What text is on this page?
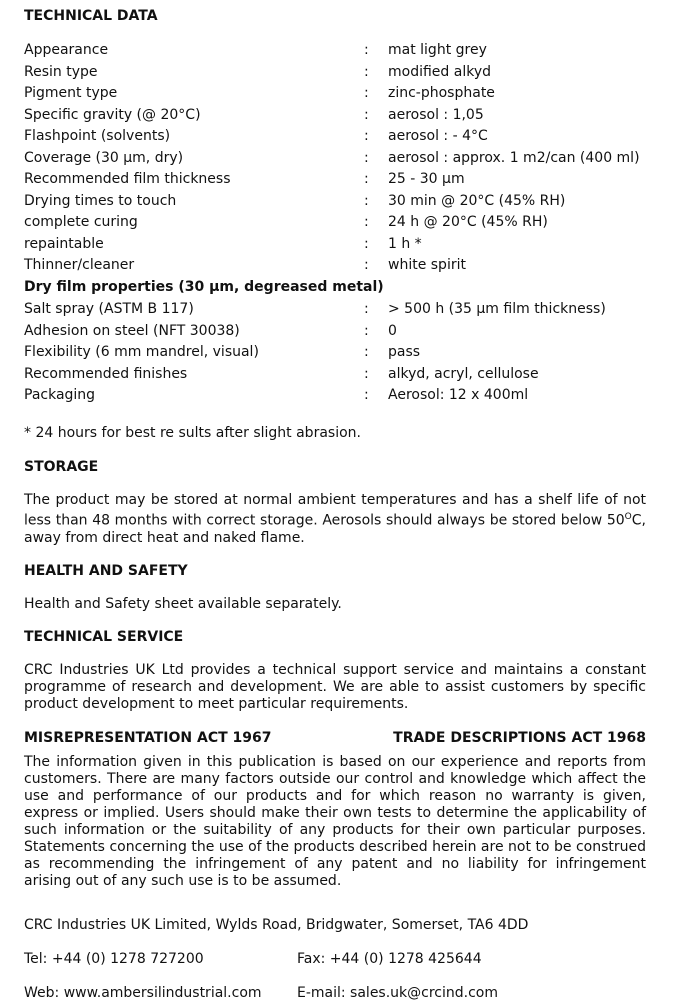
TECHNICAL DATA
Appearance	: mat light grey
Resin type	: modified alkyd
Pigment type	: zinc-phosphate
Specific gravity (@ 20°C)	: aerosol : 1,05
Flashpoint (solvents)	: aerosol : - 4°C
Coverage (30 µm, dry)	: aerosol : approx. 1 m2/can (400 ml)
Recommended film thickness	: 25 - 30 µm
Drying times to touch	: 30 min @ 20°C (45% RH)
complete curing	: 24 h @ 20°C (45% RH)
repaintable	: 1 h *
Thinner/cleaner	: white spirit
Dry film properties (30 µm, degreased metal)
Salt spray (ASTM B 117)	: > 500 h (35 µm film thickness)
Adhesion on steel (NFT 30038)	: 0
Flexibility (6 mm mandrel, visual)	: pass
Recommended finishes	: alkyd, acryl, cellulose
Packaging	: Aerosol: 12 x 400ml
* 24 hours for best re sults after slight abrasion.
STORAGE

The product may be stored at normal ambient temperatures and has a shelf life of not less than 48 months with correct storage. Aerosols should always be stored below $50^OC$, away from direct heat and naked flame.

HEALTH AND SAFETY

Health and Safety sheet available separately.

TECHNICAL SERVICE

CRC Industries UK Ltd provides a technical support service and maintains a constant programme of research and development. We are able to assist customers by specific product development to meet particular requirements.

MISREPRESENTATION ACT 1967	TRADE DESCRIPTIONS ACT 1968

The information given in this publication is based on our experience and reports from customers. There are many factors outside our control and knowledge which affect the use and performance of our products and for which reason no warranty is given, express or implied. Users should make their own tests to determine the applicability of such information or the suitability of any products for their own particular purposes. Statements concerning the use of the products described herein are not to be construed as recommending the infringement of any patent and no liability for infringement arising out of any such use is to be assumed.

CRC Industries UK Limited, Wylds Road, Bridgwater, Somerset, TA6 4DD
Tel: +44 (0) 1278 727200	Fax: +44 (0) 1278 425644
Web: www.ambersilindustrial.com	E-mail: sales.uk@crcind.com
